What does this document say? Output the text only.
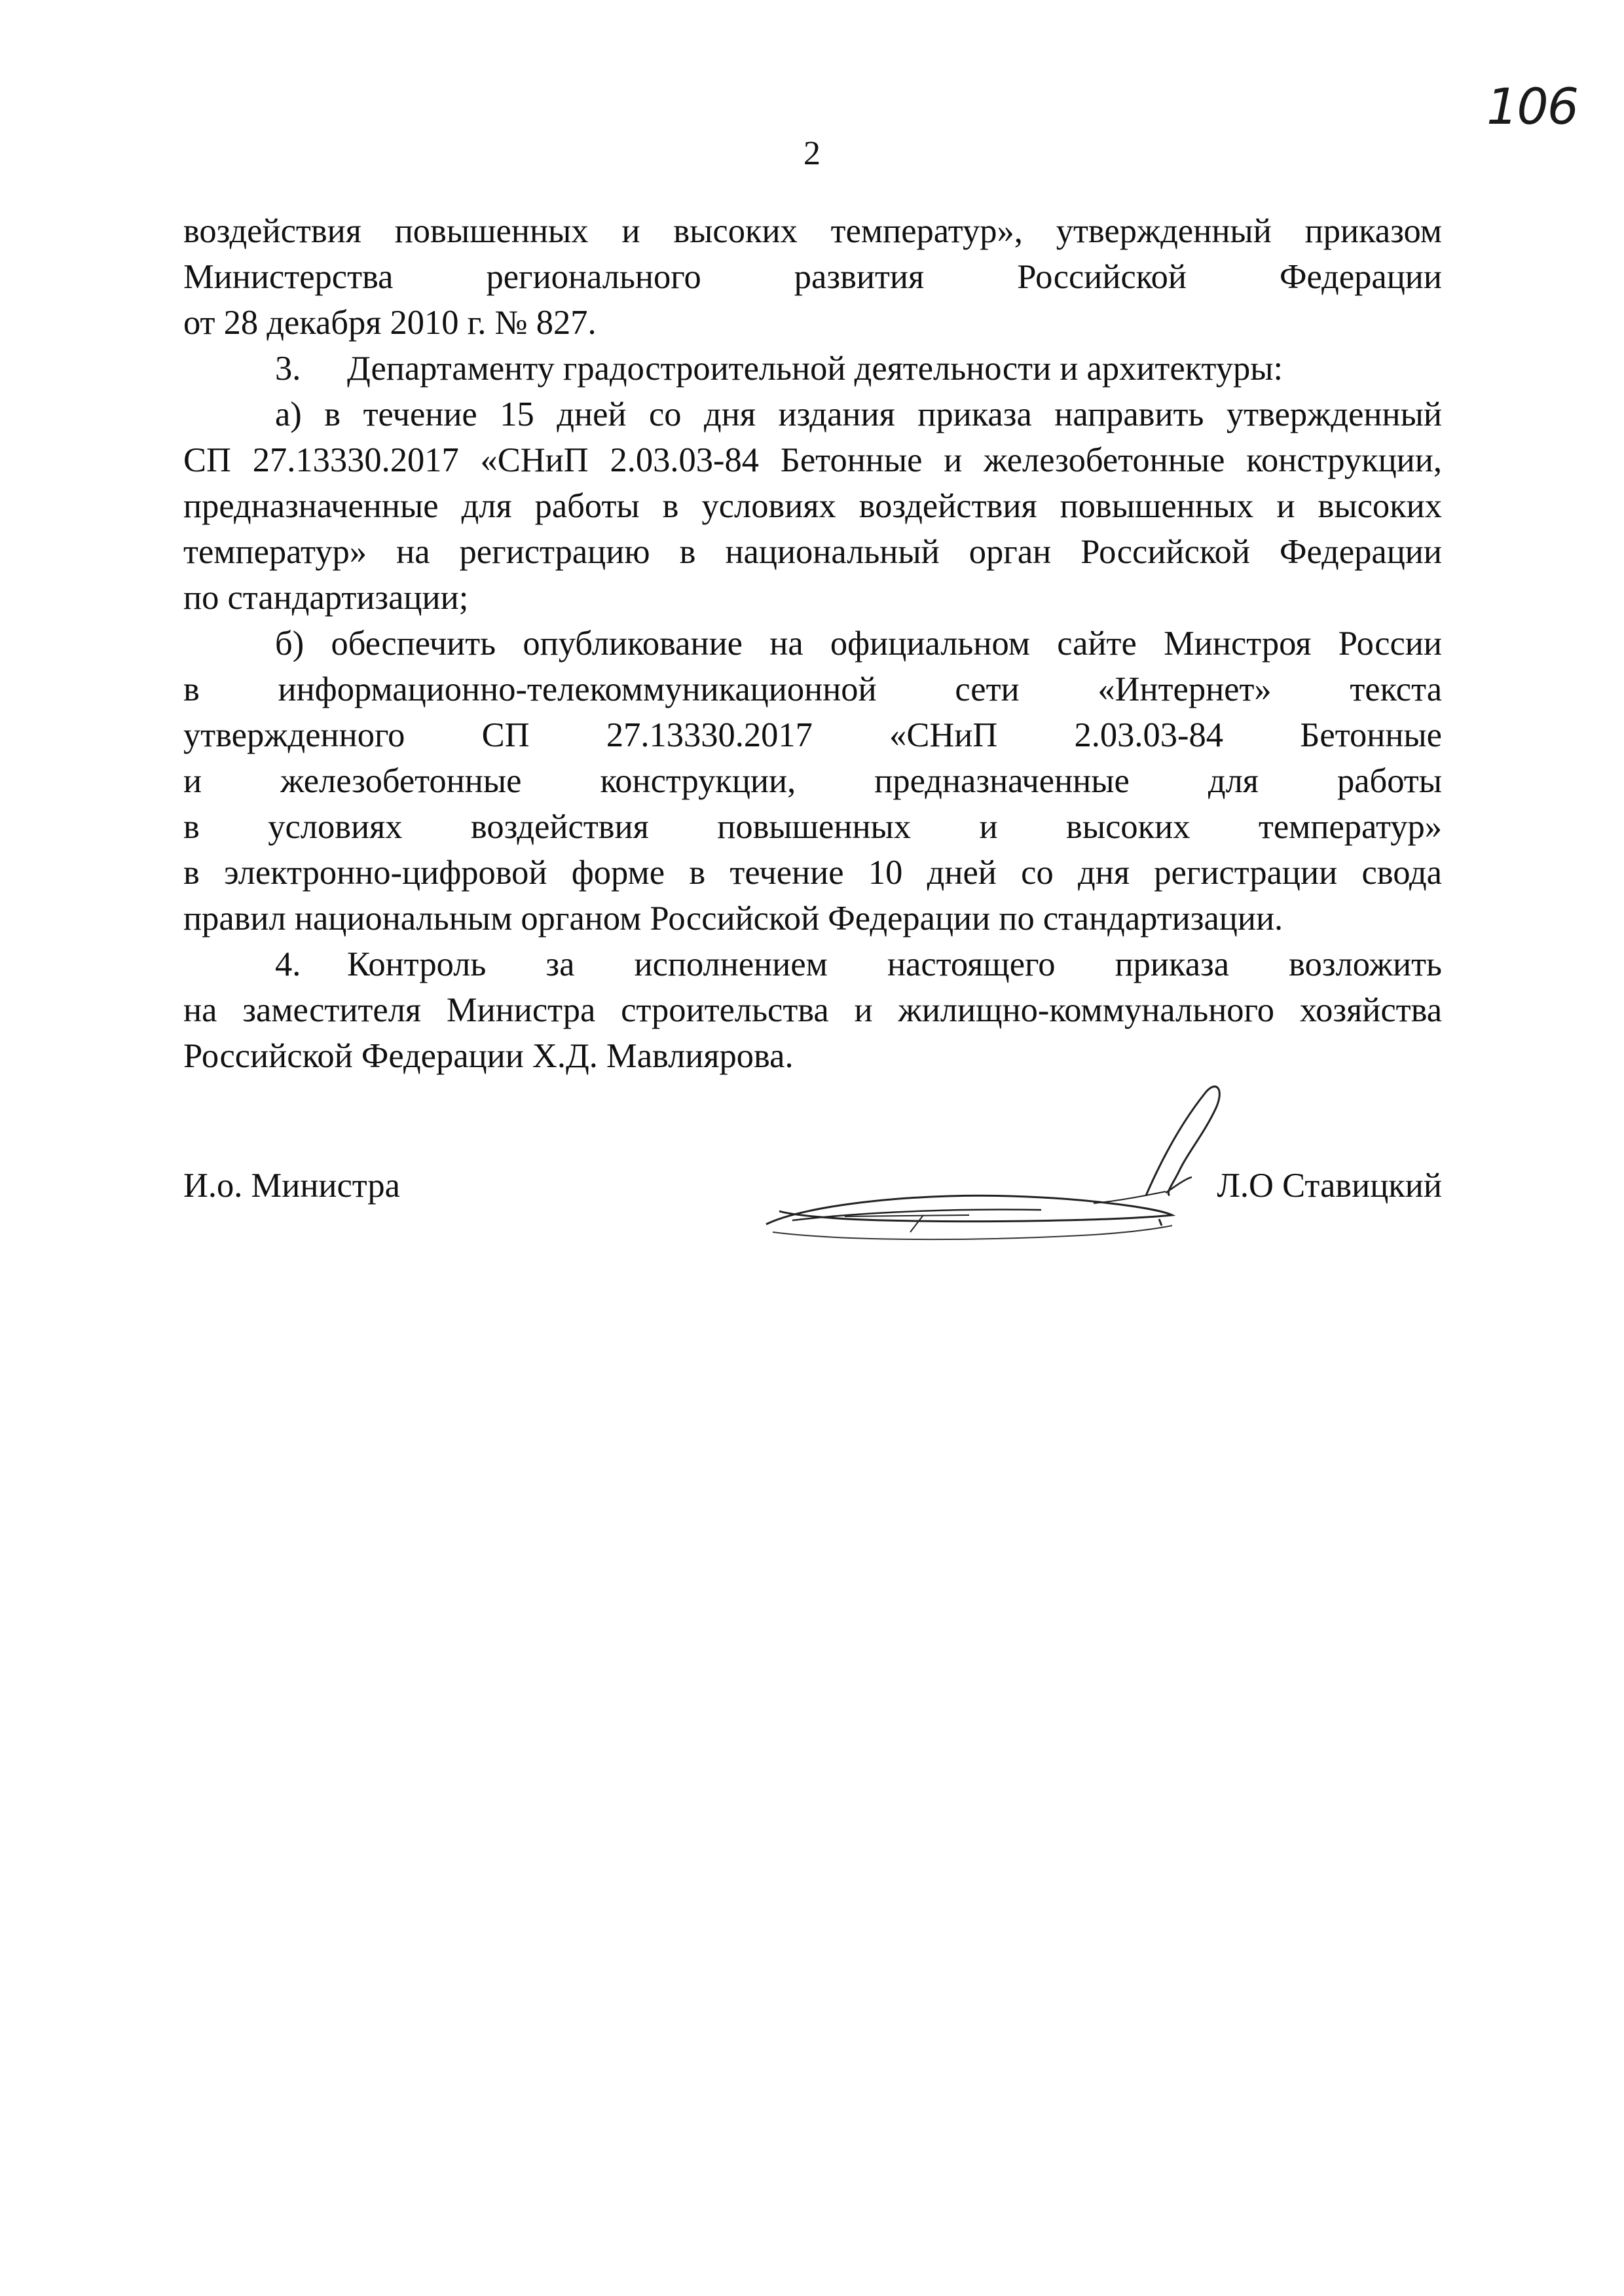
106
2
воздействия повышенных и высоких температур», утвержденный приказом
Министерства регионального развития Российской Федерации
от 28 декабря 2010 г. № 827.
3. Департаменту градостроительной деятельности и архитектуры:
а) в течение 15 дней со дня издания приказа направить утвержденный
СП 27.13330.2017 «СНиП 2.03.03-84 Бетонные и железобетонные конструкции,
предназначенные для работы в условиях воздействия повышенных и высоких
температур» на регистрацию в национальный орган Российской Федерации
по стандартизации;
б) обеспечить опубликование на официальном сайте Минстроя России
в информационно-телекоммуникационной сети «Интернет» текста
утвержденного СП 27.13330.2017 «СНиП 2.03.03-84 Бетонные
и железобетонные конструкции, предназначенные для работы
в условиях воздействия повышенных и высоких температур»
в электронно-цифровой форме в течение 10 дней со дня регистрации свода
правил национальным органом Российской Федерации по стандартизации.
4.	Контроль за исполнением настоящего приказа возложить
на заместителя Министра строительства и жилищно-коммунального хозяйства
Российской Федерации Х.Д. Мавлиярова.
И.о. Министра	Л.О Ставицкий
